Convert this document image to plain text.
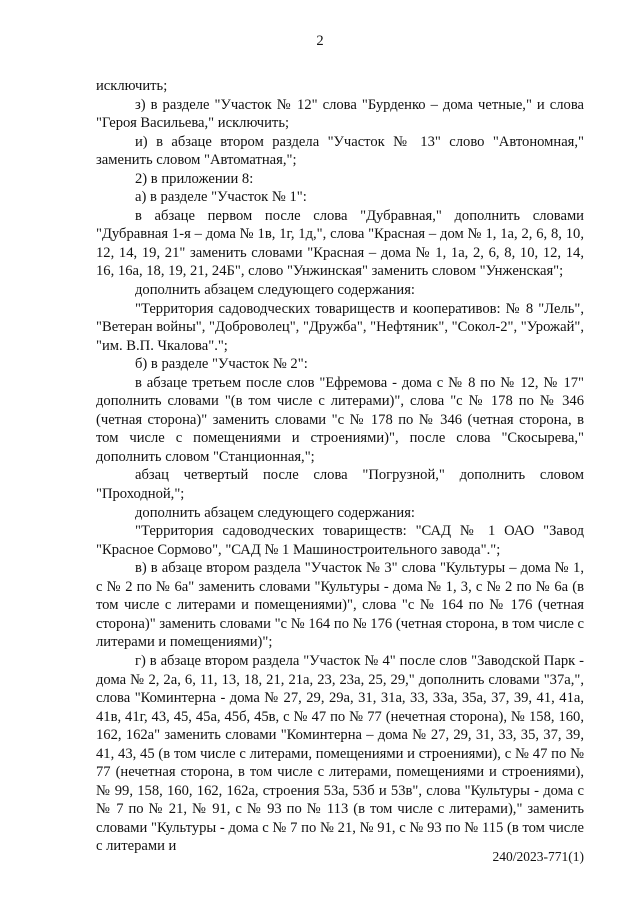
2

исключить;

з) в разделе "Участок № 12" слова "Бурденко – дома четные," и слова "Героя Васильева," исключить;

и) в абзаце втором раздела "Участок № 13" слово "Автономная," заменить словом "Автоматная,";

2) в приложении 8:

а) в разделе "Участок № 1":

в абзаце первом после слова "Дубравная," дополнить словами "Дубравная 1-я – дома № 1в, 1г, 1д,", слова "Красная – дом № 1, 1а, 2, 6, 8, 10, 12, 14, 19, 21" заменить словами "Красная – дома № 1, 1а, 2, 6, 8, 10, 12, 14, 16, 16а, 18, 19, 21, 24Б", слово "Унжинская" заменить словом "Унженская";

дополнить абзацем следующего содержания:

"Территория садоводческих товариществ и кооперативов: № 8 "Лель", "Ветеран войны", "Доброволец", "Дружба", "Нефтяник", "Сокол-2", "Урожай", "им. В.П. Чкалова".";

б) в разделе "Участок № 2":

в абзаце третьем после слов "Ефремова - дома с № 8 по № 12, № 17" дополнить словами "(в том числе с литерами)", слова "с № 178 по № 346 (четная сторона)" заменить словами "с № 178 по № 346 (четная сторона, в том числе с помещениями и строениями)", после слова "Скосырева," дополнить словом "Станционная,";

абзац четвертый после слова "Погрузной," дополнить словом "Проходной,";

дополнить абзацем следующего содержания:

"Территория садоводческих товариществ: "САД № 1 ОАО "Завод "Красное Сормово", "САД № 1 Машиностроительного завода".";

в) в абзаце втором раздела "Участок № 3" слова "Культуры – дома № 1, с № 2 по № 6а" заменить словами "Культуры - дома № 1, 3, с № 2 по № 6а (в том числе с литерами и помещениями)", слова "с № 164 по № 176 (четная сторона)" заменить словами "с № 164 по № 176 (четная сторона, в том числе с литерами и помещениями)";

г) в абзаце втором раздела "Участок № 4" после слов "Заводской Парк - дома № 2, 2а, 6, 11, 13, 18, 21, 21а, 23, 23а, 25, 29," дополнить словами "37а,", слова "Коминтерна - дома № 27, 29, 29а, 31, 31а, 33, 33а, 35а, 37, 39, 41, 41а, 41в, 41г, 43, 45, 45а, 45б, 45в, с № 47 по № 77 (нечетная сторона), № 158, 160, 162, 162а" заменить словами "Коминтерна – дома № 27, 29, 31, 33, 35, 37, 39, 41, 43, 45 (в том числе с литерами, помещениями и строениями), с № 47 по № 77 (нечетная сторона, в том числе с литерами, помещениями и строениями), № 99, 158, 160, 162, 162а, строения 53а, 53б и 53в", слова "Культуры - дома с № 7 по № 21, № 91, с № 93 по № 113 (в том числе с литерами)," заменить словами "Культуры - дома с № 7 по № 21, № 91, с № 93 по № 115 (в том числе с литерами и

240/2023-771(1)
